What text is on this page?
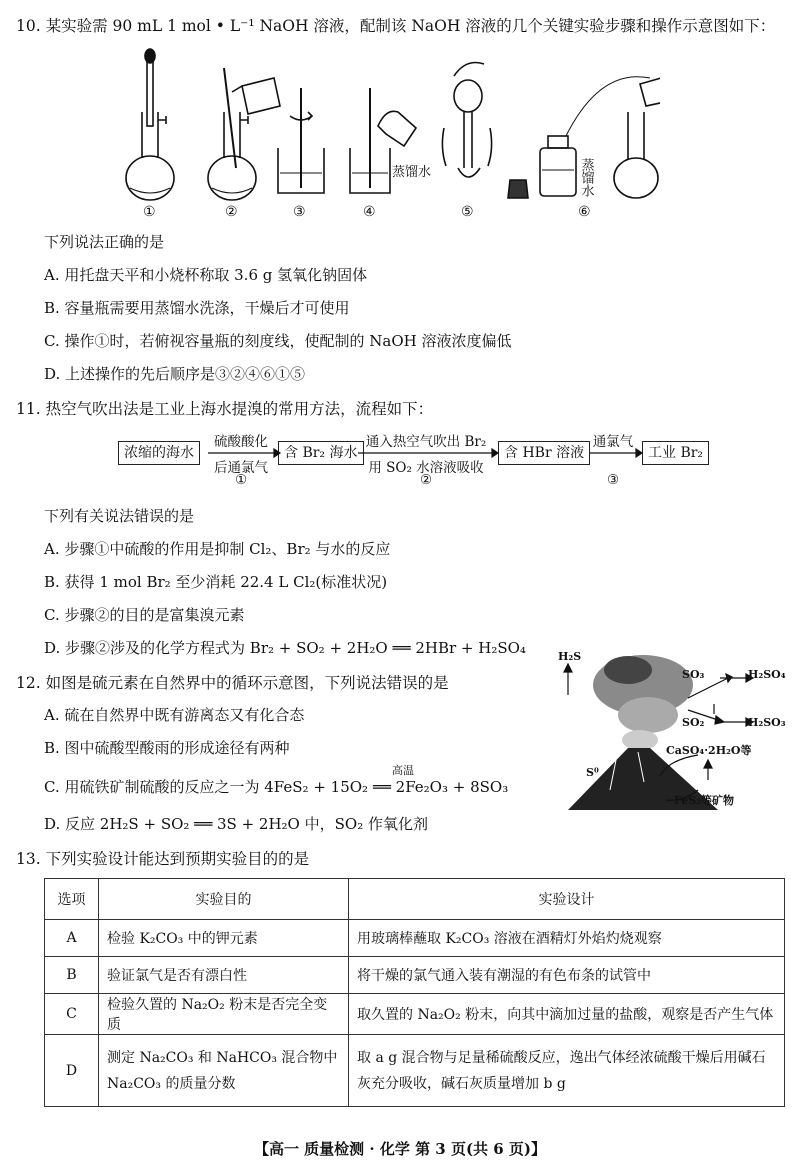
10. 某实验需 90 mL 1 mol • L⁻¹ NaOH 溶液，配制该 NaOH 溶液的几个关键实验步骤和操作示意图如下：
①	②	③	④	⑤	⑥
蒸馏水	蒸馏水
下列说法正确的是
A. 用托盘天平和小烧杯称取 3.6 g 氢氧化钠固体
B. 容量瓶需要用蒸馏水洗涤，干燥后才可使用
C. 操作①时，若俯视容量瓶的刻度线，使配制的 NaOH 溶液浓度偏低
D. 上述操作的先后顺序是③②④⑥①⑤
11. 热空气吹出法是工业上海水提溴的常用方法，流程如下：
浓缩的海水
硫酸酸化
后通氯气
①
含 Br₂ 海水
通入热空气吹出 Br₂
用 SO₂ 水溶液吸收
②
含 HBr 溶液
通氯气
③
工业 Br₂
下列有关说法错误的是
A. 步骤①中硫酸的作用是抑制 Cl₂、Br₂ 与水的反应
B. 获得 1 mol Br₂ 至少消耗 22.4 L Cl₂(标准状况)
C. 步骤②的目的是富集溴元素
D. 步骤②涉及的化学方程式为 Br₂ + SO₂ + 2H₂O ══ 2HBr + H₂SO₄
12. 如图是硫元素在自然界中的循环示意图，下列说法错误的是
A. 硫在自然界中既有游离态又有化合态
B. 图中硫酸型酸雨的形成途径有两种
C. 用硫铁矿制硫酸的反应之一为 4FeS₂ + 15O₂ ══ 2Fe₂O₃ + 8SO₃
高温
D. 反应 2H₂S + SO₂ ══ 3S + 2H₂O 中，SO₂ 作氧化剂
H₂S
SO₃	H₂SO₄
SO₂	H₂SO₃
CaSO₄·2H₂O等
S⁰
FeS₂等矿物
13. 下列实验设计能达到预期实验目的的是
选项	实验目的	实验设计
A	检验 K₂CO₃ 中的钾元素	用玻璃棒蘸取 K₂CO₃ 溶液在酒精灯外焰灼烧观察
B	验证氯气是否有漂白性	将干燥的氯气通入装有潮湿的有色布条的试管中
C	检验久置的 Na₂O₂ 粉末是否完全变质	取久置的 Na₂O₂ 粉末，向其中滴加过量的盐酸，观察是否产生气体
D	测定 Na₂CO₃ 和 NaHCO₃ 混合物中 Na₂CO₃ 的质量分数	取 a g 混合物与足量稀硫酸反应，逸出气体经浓硫酸干燥后用碱石灰充分吸收，碱石灰质量增加 b g
【高一 质量检测 · 化学 第 3 页(共 6 页)】
